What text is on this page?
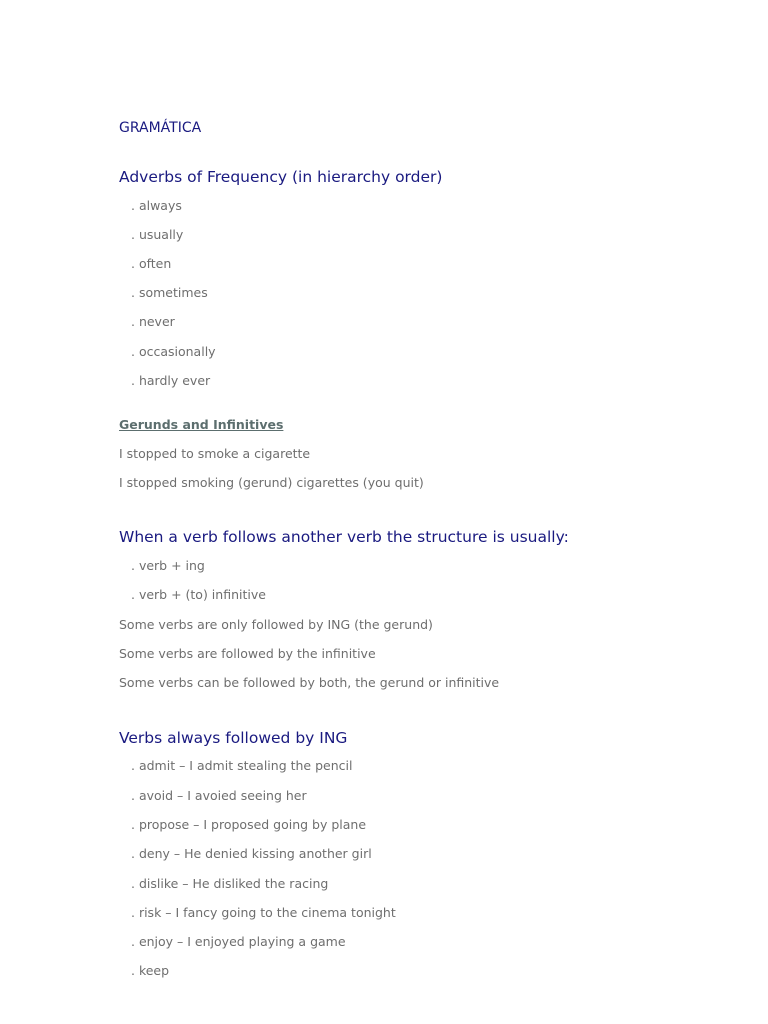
GRAMÁTICA
Adverbs of Frequency (in hierarchy order)
. always
. usually
. often
. sometimes
. never
. occasionally
. hardly ever
Gerunds and Infinitives
I stopped to smoke a cigarette
I stopped smoking (gerund) cigarettes (you quit)
When a verb follows another verb the structure is usually:
. verb + ing
. verb + (to) infinitive
Some verbs are only followed by ING (the gerund)
Some verbs are followed by the infinitive
Some verbs can be followed by both, the gerund or infinitive
Verbs always followed by ING
. admit – I admit stealing the pencil
. avoid – I avoied seeing her
. propose – I proposed going by plane
. deny – He denied kissing another girl
. dislike – He disliked the racing
. risk – I fancy going to the cinema tonight
. enjoy – I enjoyed playing a game
. keep
